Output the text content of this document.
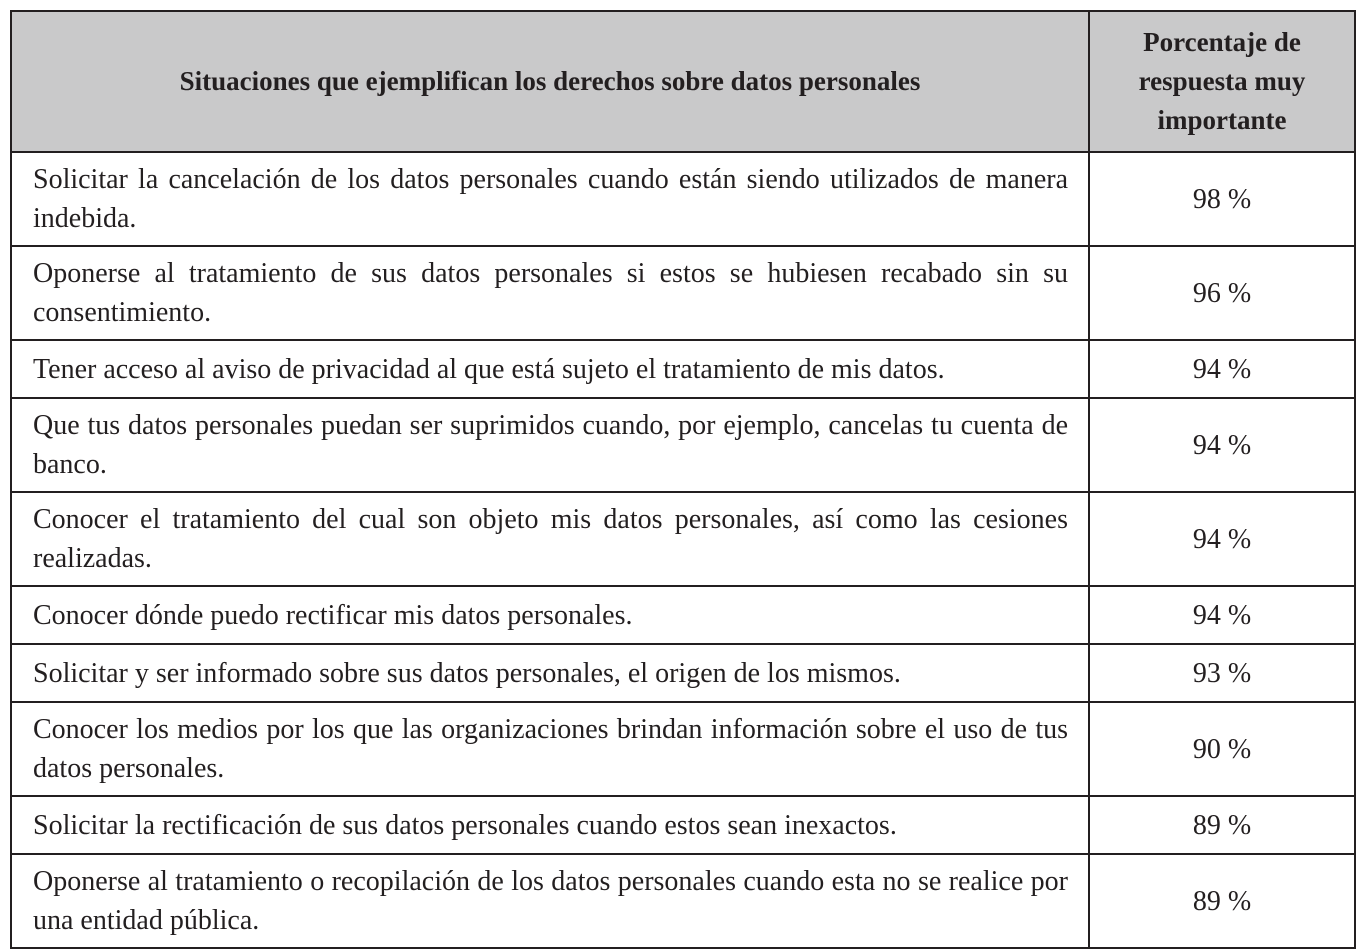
Situaciones que ejemplifican los derechos sobre datos personales	Porcentaje de
respuesta muy
importante
Solicitar la cancelación de los datos personales cuando están siendo utilizados de manera indebida.	98 %
Oponerse al tratamiento de sus datos personales si estos se hubiesen recabado sin su consentimiento.	96 %
Tener acceso al aviso de privacidad al que está sujeto el tratamiento de mis datos.	94 %
Que tus datos personales puedan ser suprimidos cuando, por ejemplo, cancelas tu cuenta de banco.	94 %
Conocer el tratamiento del cual son objeto mis datos personales, así como las cesiones realizadas.	94 %
Conocer dónde puedo rectificar mis datos personales.	94 %
Solicitar y ser informado sobre sus datos personales, el origen de los mismos.	93 %
Conocer los medios por los que las organizaciones brindan información sobre el uso de tus datos personales.	90 %
Solicitar la rectificación de sus datos personales cuando estos sean inexactos.	89 %
Oponerse al tratamiento o recopilación de los datos personales cuando esta no se realice por una entidad pública.	89 %
